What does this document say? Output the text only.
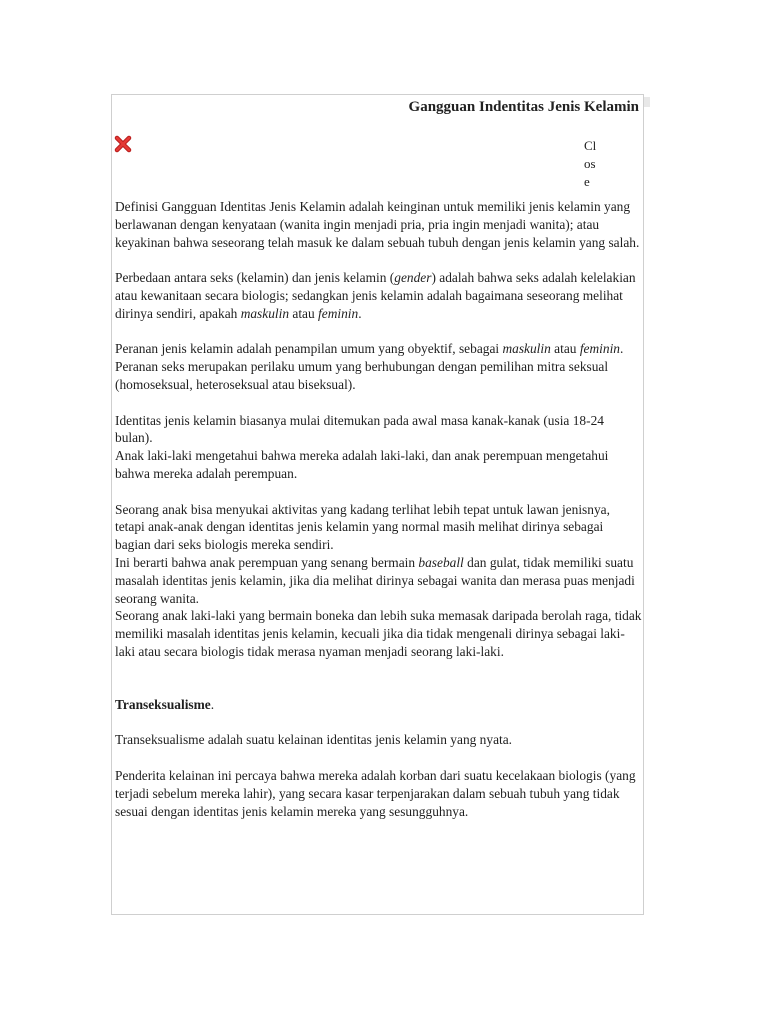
Gangguan Indentitas Jenis Kelamin
Close

Definisi Gangguan Identitas Jenis Kelamin adalah keinginan untuk memiliki jenis kelamin yang berlawanan dengan kenyataan (wanita ingin menjadi pria, pria ingin menjadi wanita); atau keyakinan bahwa seseorang telah masuk ke dalam sebuah tubuh dengan jenis kelamin yang salah.

Perbedaan antara seks (kelamin) dan jenis kelamin (gender) adalah bahwa seks adalah kelelakian atau kewanitaan secara biologis; sedangkan jenis kelamin adalah bagaimana seseorang melihat dirinya sendiri, apakah maskulin atau feminin.

Peranan jenis kelamin adalah penampilan umum yang obyektif, sebagai maskulin atau feminin.

Peranan seks merupakan perilaku umum yang berhubungan dengan pemilihan mitra seksual (homoseksual, heteroseksual atau biseksual).

Identitas jenis kelamin biasanya mulai ditemukan pada awal masa kanak-kanak (usia 18-24 bulan).

Anak laki-laki mengetahui bahwa mereka adalah laki-laki, dan anak perempuan mengetahui bahwa mereka adalah perempuan.

Seorang anak bisa menyukai aktivitas yang kadang terlihat lebih tepat untuk lawan jenisnya, tetapi anak-anak dengan identitas jenis kelamin yang normal masih melihat dirinya sebagai bagian dari seks biologis mereka sendiri.

Ini berarti bahwa anak perempuan yang senang bermain baseball dan gulat, tidak memiliki suatu masalah identitas jenis kelamin, jika dia melihat dirinya sebagai wanita dan merasa puas menjadi seorang wanita.

Seorang anak laki-laki yang bermain boneka dan lebih suka memasak daripada berolah raga, tidak memiliki masalah identitas jenis kelamin, kecuali jika dia tidak mengenali dirinya sebagai laki-laki atau secara biologis tidak merasa nyaman menjadi seorang laki-laki.

Transeksualisme.

Transeksualisme adalah suatu kelainan identitas jenis kelamin yang nyata.

Penderita kelainan ini percaya bahwa mereka adalah korban dari suatu kecelakaan biologis (yang terjadi sebelum mereka lahir), yang secara kasar terpenjarakan dalam sebuah tubuh yang tidak sesuai dengan identitas jenis kelamin mereka yang sesungguhnya.
